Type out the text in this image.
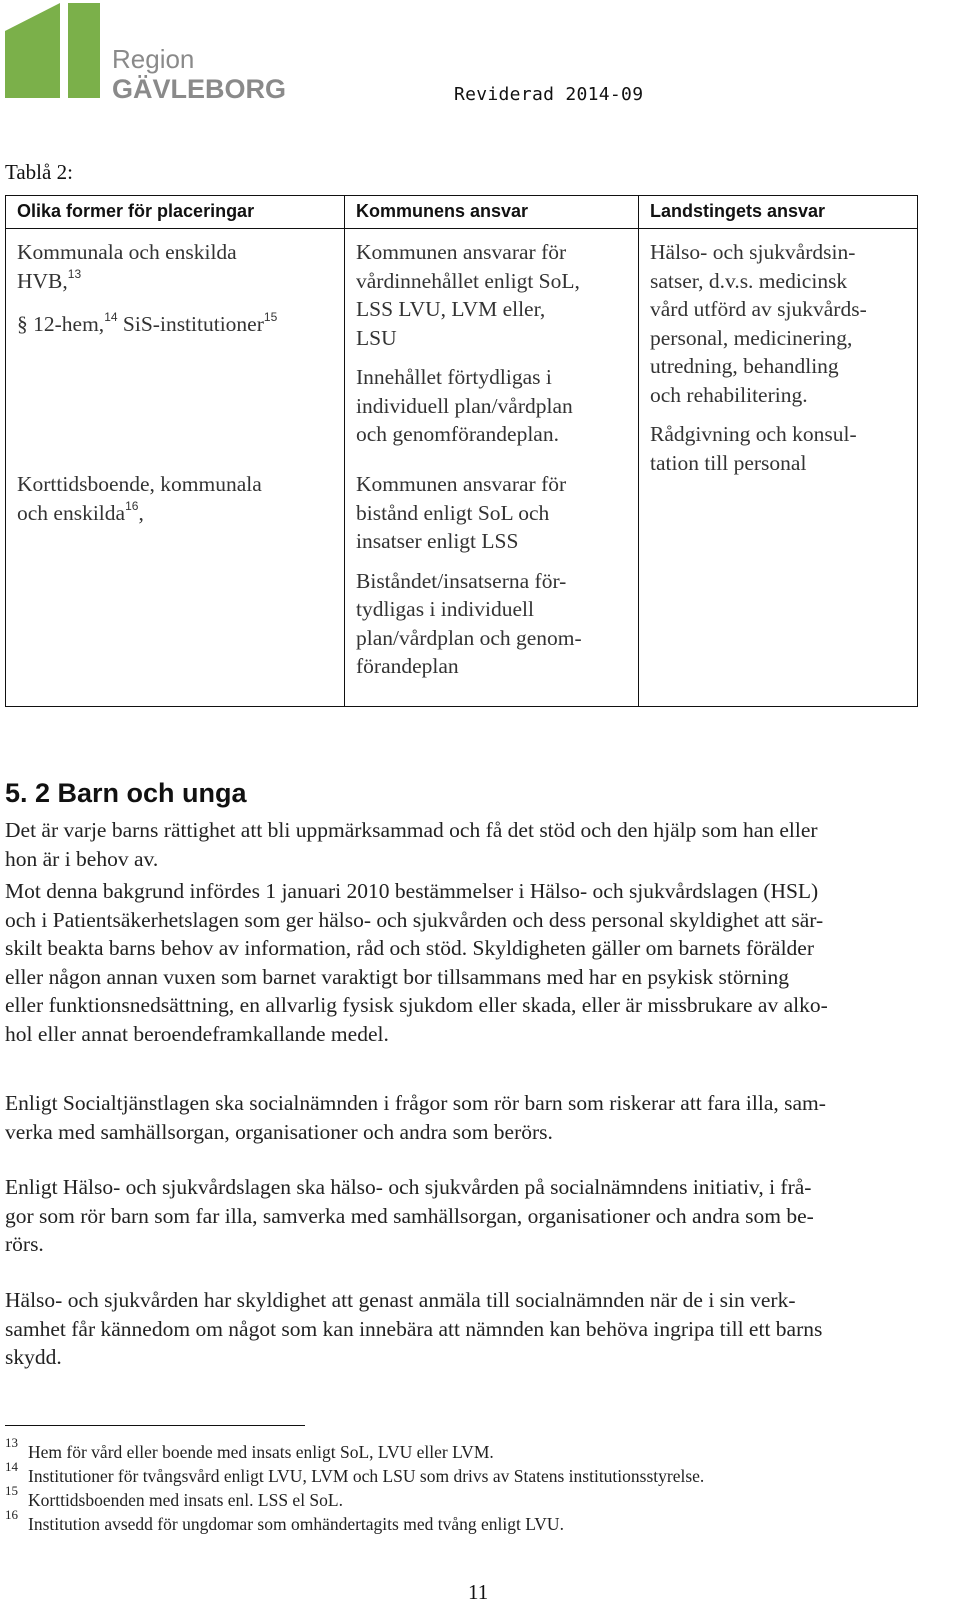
Region
GÄVLEBORG	Reviderad 2014-09
Tablå 2:
Olika former för placeringar
Kommunala och enskilda
HVB,$^{13}$
§ 12-hem,$^{14}$ SiS-institutioner$^{15}$
Korttidsboende, kommunala
och enskilda$^{16}$,
Kommunens ansvar
Kommunen ansvarar för
vårdinnehållet enligt SoL,
LSS LVU, LVM eller,
LSU
Innehållet förtydligas i
individuell plan/vårdplan
och genomförandeplan.
Kommunen ansvarar för
bistånd enligt SoL och
insatser enligt LSS
Biståndet/insatserna för-
tydligas i individuell
plan/vårdplan och genom-
förandeplan
Landstingets ansvar
Hälso- och sjukvårdsin-
satser, d.v.s. medicinsk
vård utförd av sjukvårds-
personal, medicinering,
utredning, behandling
och rehabilitering.
Rådgivning och konsul-
tation till personal
5. 2 Barn och unga
Det är varje barns rättighet att bli uppmärksammad och få det stöd och den hjälp som han eller
hon är i behov av.
Mot denna bakgrund infördes 1 januari 2010 bestämmelser i Hälso- och sjukvårdslagen (HSL)
och i Patientsäkerhetslagen som ger hälso- och sjukvården och dess personal skyldighet att sär-
skilt beakta barns behov av information, råd och stöd. Skyldigheten gäller om barnets förälder
eller någon annan vuxen som barnet varaktigt bor tillsammans med har en psykisk störning
eller funktionsnedsättning, en allvarlig fysisk sjukdom eller skada, eller är missbrukare av alko-
hol eller annat beroendeframkallande medel.
Enligt Socialtjänstlagen ska socialnämnden i frågor som rör barn som riskerar att fara illa, sam-
verka med samhällsorgan, organisationer och andra som berörs.
Enligt Hälso- och sjukvårdslagen ska hälso- och sjukvården på socialnämndens initiativ, i frå-
gor som rör barn som far illa, samverka med samhällsorgan, organisationer och andra som be-
rörs.
Hälso- och sjukvården har skyldighet att genast anmäla till socialnämnden när de i sin verk-
samhet får kännedom om något som kan innebära att nämnden kan behöva ingripa till ett barns
skydd.
13 Hem för vård eller boende med insats enligt SoL, LVU eller LVM.
14 Institutioner för tvångsvård enligt LVU, LVM och LSU som drivs av Statens institutionsstyrelse.
15 Korttidsboenden med insats enl. LSS el SoL.
16 Institution avsedd för ungdomar som omhändertagits med tvång enligt LVU.
11
